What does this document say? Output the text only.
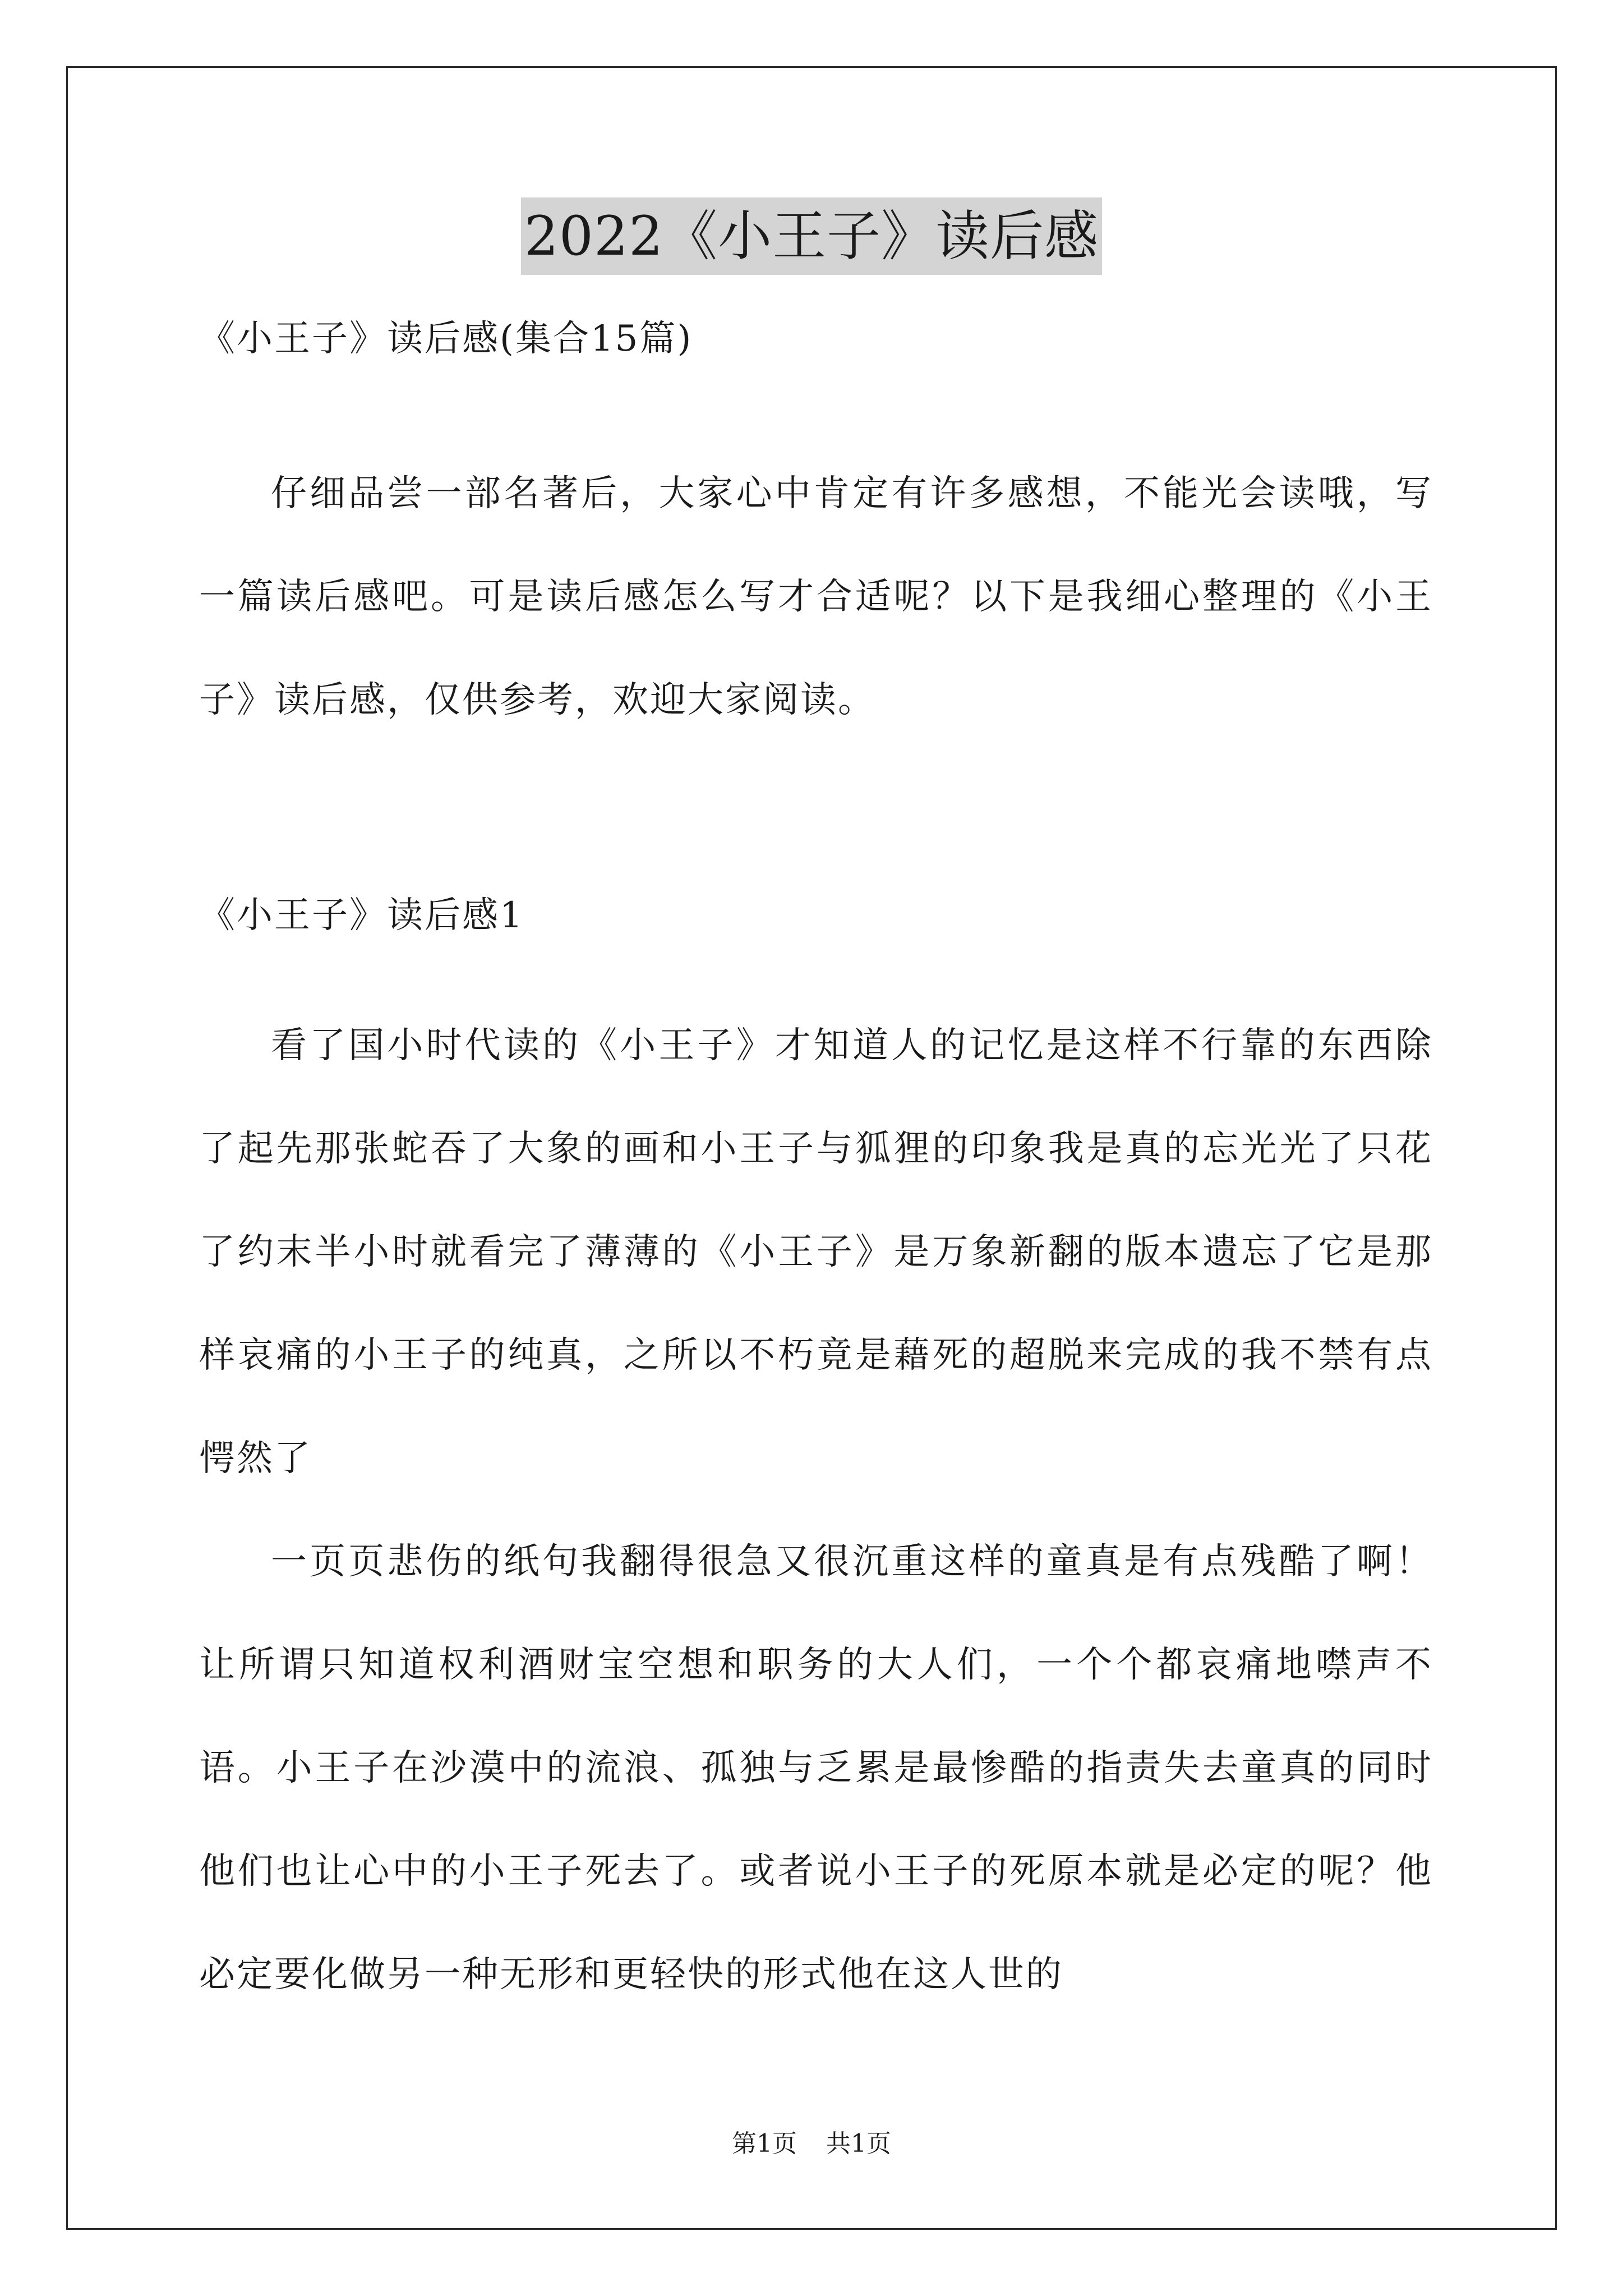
2022《小王子》读后感

《小王子》读后感(集合15篇)

仔细品尝一部名著后，大家心中肯定有许多感想，不能光会读哦，写一篇读后感吧。可是读后感怎么写才合适呢？以下是我细心整理的《小王子》读后感，仅供参考，欢迎大家阅读。

《小王子》读后感1

看了国小时代读的《小王子》才知道人的记忆是这样不行靠的东西除了起先那张蛇吞了大象的画和小王子与狐狸的印象我是真的忘光光了只花了约末半小时就看完了薄薄的《小王子》是万象新翻的版本遗忘了它是那样哀痛的小王子的纯真，之所以不朽竟是藉死的超脱来完成的我不禁有点愕然了

一页页悲伤的纸句我翻得很急又很沉重这样的童真是有点残酷了啊！让所谓只知道权利酒财宝空想和职务的大人们，一个个都哀痛地噤声不语。小王子在沙漠中的流浪、孤独与乏累是最惨酷的指责失去童真的同时他们也让心中的小王子死去了。或者说小王子的死原本就是必定的呢？他必定要化做另一种无形和更轻快的形式他在这人世的

第1页 共1页
